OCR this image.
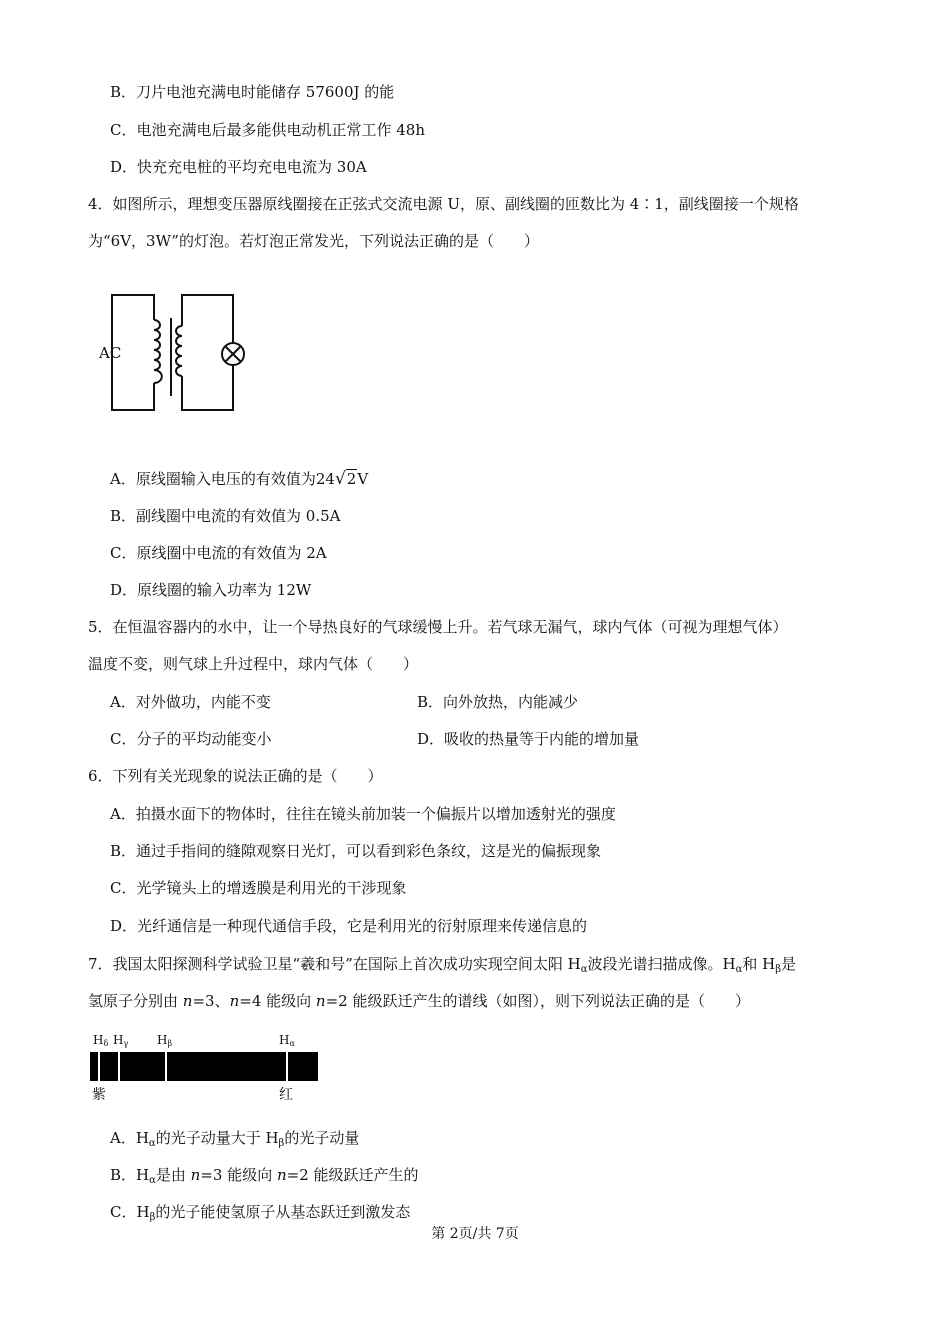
B．刀片电池充满电时能储存 57600J 的能
C．电池充满电后最多能供电动机正常工作 48h
D．快充充电桩的平均充电电流为 30A
4．如图所示，理想变压器原线圈接在正弦式交流电源 U，原、副线圈的匝数比为 4∶1，副线圈接一个规格
为“6V，3W”的灯泡。若灯泡正常发光，下列说法正确的是（　　）
AC
A．原线圈输入电压的有效值为24√2V
B．副线圈中电流的有效值为 0.5A
C．原线圈中电流的有效值为 2A
D．原线圈的输入功率为 12W
5．在恒温容器内的水中，让一个导热良好的气球缓慢上升。若气球无漏气，球内气体（可视为理想气体）
温度不变，则气球上升过程中，球内气体（　　）
A．对外做功，内能不变	B．向外放热，内能减少
C．分子的平均动能变小	D．吸收的热量等于内能的增加量
6．下列有关光现象的说法正确的是（　　）
A．拍摄水面下的物体时，往往在镜头前加装一个偏振片以增加透射光的强度
B．通过手指间的缝隙观察日光灯，可以看到彩色条纹，这是光的偏振现象
C．光学镜头上的增透膜是利用光的干涉现象
D．光纤通信是一种现代通信手段，它是利用光的衍射原理来传递信息的
7．我国太阳探测科学试验卫星“羲和号”在国际上首次成功实现空间太阳 $H_\alpha$波段光谱扫描成像。$H_\alpha$和 $H_\beta$是
氢原子分别由 n=3、n=4 能级向 n=2 能级跃迁产生的谱线（如图），则下列说法正确的是（　　）
$H_\delta$ $H_\gamma$ $H_\beta$	$H_\alpha$
紫	红
A．$H_\alpha$的光子动量大于 $H_\beta$的光子动量
B．$H_\alpha$是由 n=3 能级向 n=2 能级跃迁产生的
C．$H_\beta$的光子能使氢原子从基态跃迁到激发态
第 2页/共 7页
